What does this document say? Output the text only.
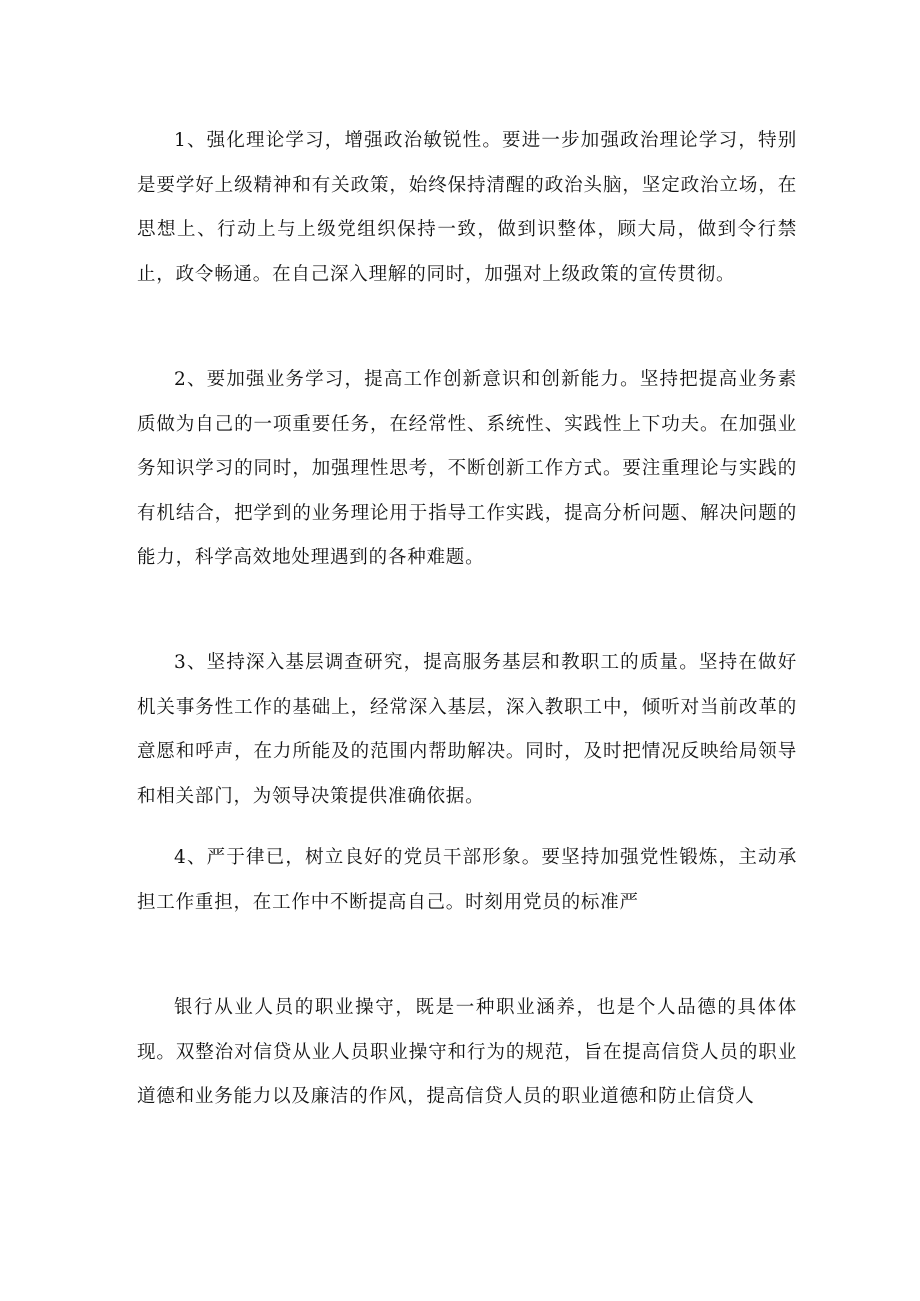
1、强化理论学习，增强政治敏锐性。要进一步加强政治理论学习，特别是要学好上级精神和有关政策，始终保持清醒的政治头脑，坚定政治立场，在思想上、行动上与上级党组织保持一致，做到识整体，顾大局，做到令行禁止，政令畅通。在自己深入理解的同时，加强对上级政策的宣传贯彻。

2、要加强业务学习，提高工作创新意识和创新能力。坚持把提高业务素质做为自己的一项重要任务，在经常性、系统性、实践性上下功夫。在加强业务知识学习的同时，加强理性思考，不断创新工作方式。要注重理论与实践的有机结合，把学到的业务理论用于指导工作实践，提高分析问题、解决问题的能力，科学高效地处理遇到的各种难题。

3、坚持深入基层调查研究，提高服务基层和教职工的质量。坚持在做好机关事务性工作的基础上，经常深入基层，深入教职工中，倾听对当前改革的意愿和呼声，在力所能及的范围内帮助解决。同时，及时把情况反映给局领导和相关部门，为领导决策提供准确依据。

4、严于律已，树立良好的党员干部形象。要坚持加强党性锻炼，主动承担工作重担，在工作中不断提高自己。时刻用党员的标准严

银行从业人员的职业操守，既是一种职业涵养，也是个人品德的具体体现。双整治对信贷从业人员职业操守和行为的规范，旨在提高信贷人员的职业道德和业务能力以及廉洁的作风，提高信贷人员的职业道德和防止信贷人
